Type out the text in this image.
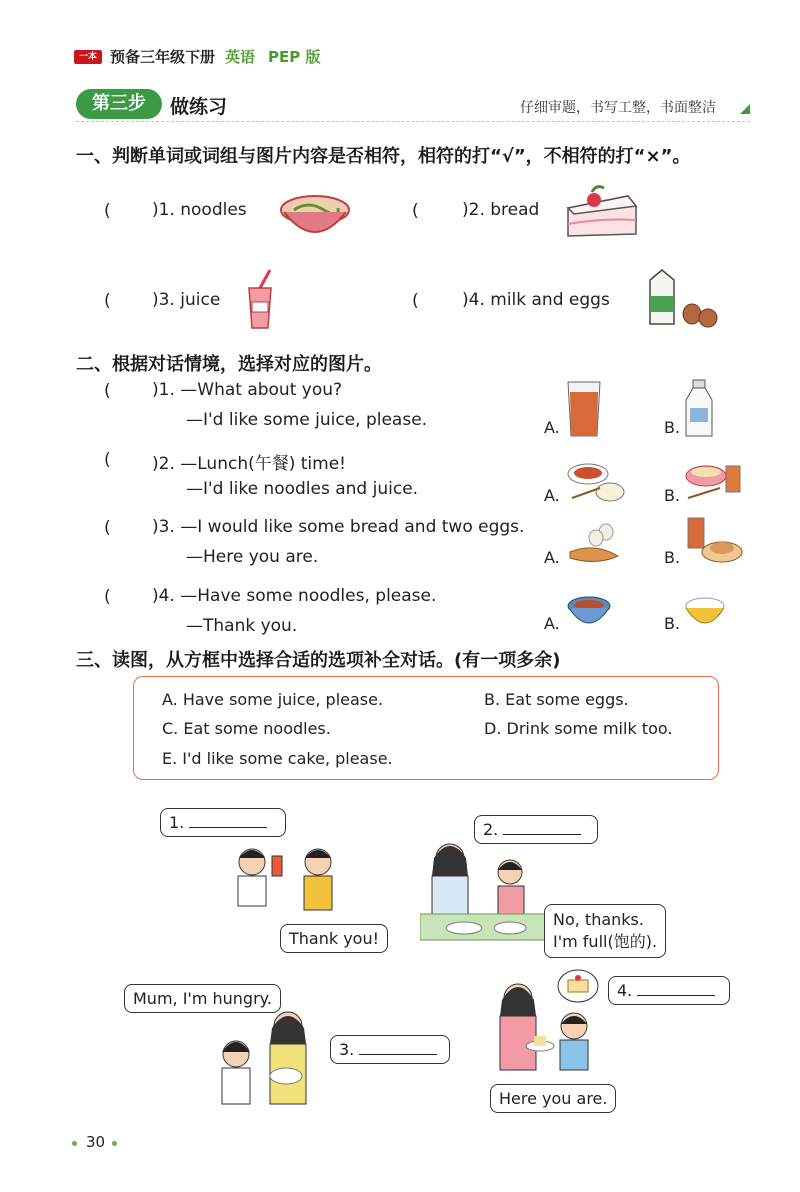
一本 预备三年级下册 英语 PEP 版
第三步	做练习	仔细审题，书写工整，书面整洁
一、判断单词或词组与图片内容是否相符，相符的打“√”，不相符的打“×”。
( )1. noodles	(	)2. bread
( )3. juice	(	)4. milk and eggs
二、根据对话情境，选择对应的图片。
( )1. —What about you?
—I'd like some juice, please.	A.	B.
( )2. —Lunch(午餐) time!
—I'd like noodles and juice.	A.	B.
( )3. —I would like some bread and two eggs.
—Here you are.	A.	B.
( )4. —Have some noodles, please.
—Thank you.	A.	B.
三、读图，从方框中选择合适的选项补全对话。(有一项多余)
A. Have some juice, please.	B. Eat some eggs.
C. Eat some noodles.	D. Drink some milk too.
E. I'd like some cake, please.
1.
Thank you!
2.
No, thanks.
I'm full(饱的).
Mum, I'm hungry.
3.
4.
Here you are.
30
